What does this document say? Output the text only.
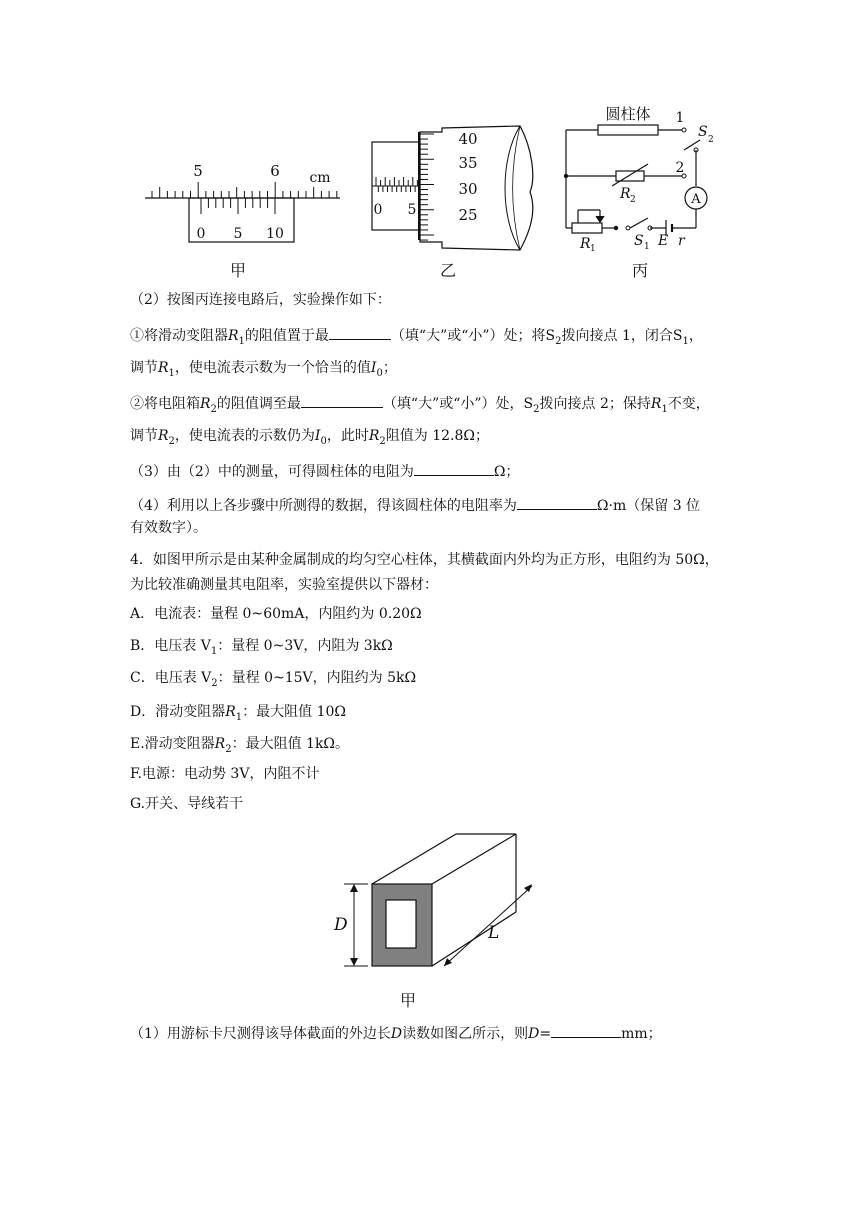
5	6 cm
0 5 10
甲
40
35
30
25
0 5
乙
圆柱体 1
2
S 2
R 2
R 1	S 1 E r
A
丙
（2）按图丙连接电路后，实验操作如下：
①将滑动变阻器$R_1$的阻值置于最	（填“大”或“小”）处；将$S_2$拨向接点 1，闭合$S_1$，
调节$R_1$，使电流表示数为一个恰当的值$I_0$；
②将电阻箱$R_2$的阻值调至最	（填“大”或“小”）处，$S_2$拨向接点 2；保持$R_1$不变，
调节$R_2$，使电流表的示数仍为$I_0$，此时$R_2$阻值为 12.8Ω；
（3）由（2）中的测量，可得圆柱体的电阻为	Ω；
（4）利用以上各步骤中所测得的数据，得该圆柱体的电阻率为	Ω·m（保留 3 位
有效数字）。
4．如图甲所示是由某种金属制成的均匀空心柱体，其横截面内外均为正方形，电阻约为 50Ω，
为比较准确测量其电阻率，实验室提供以下器材：
A．电流表：量程 0~60mA，内阻约为 0.20Ω
B．电压表 $V_1$：量程 0~3V，内阻为 3kΩ
C．电压表 $V_2$：量程 0~15V，内阻约为 5kΩ
D．滑动变阻器$R_1$：最大阻值 10Ω
E.滑动变阻器$R_2$：最大阻值 1kΩ。
F.电源：电动势 3V，内阻不计
G.开关、导线若干
D	L
甲
（1）用游标卡尺测得该导体截面的外边长D读数如图乙所示，则D=	mm；
